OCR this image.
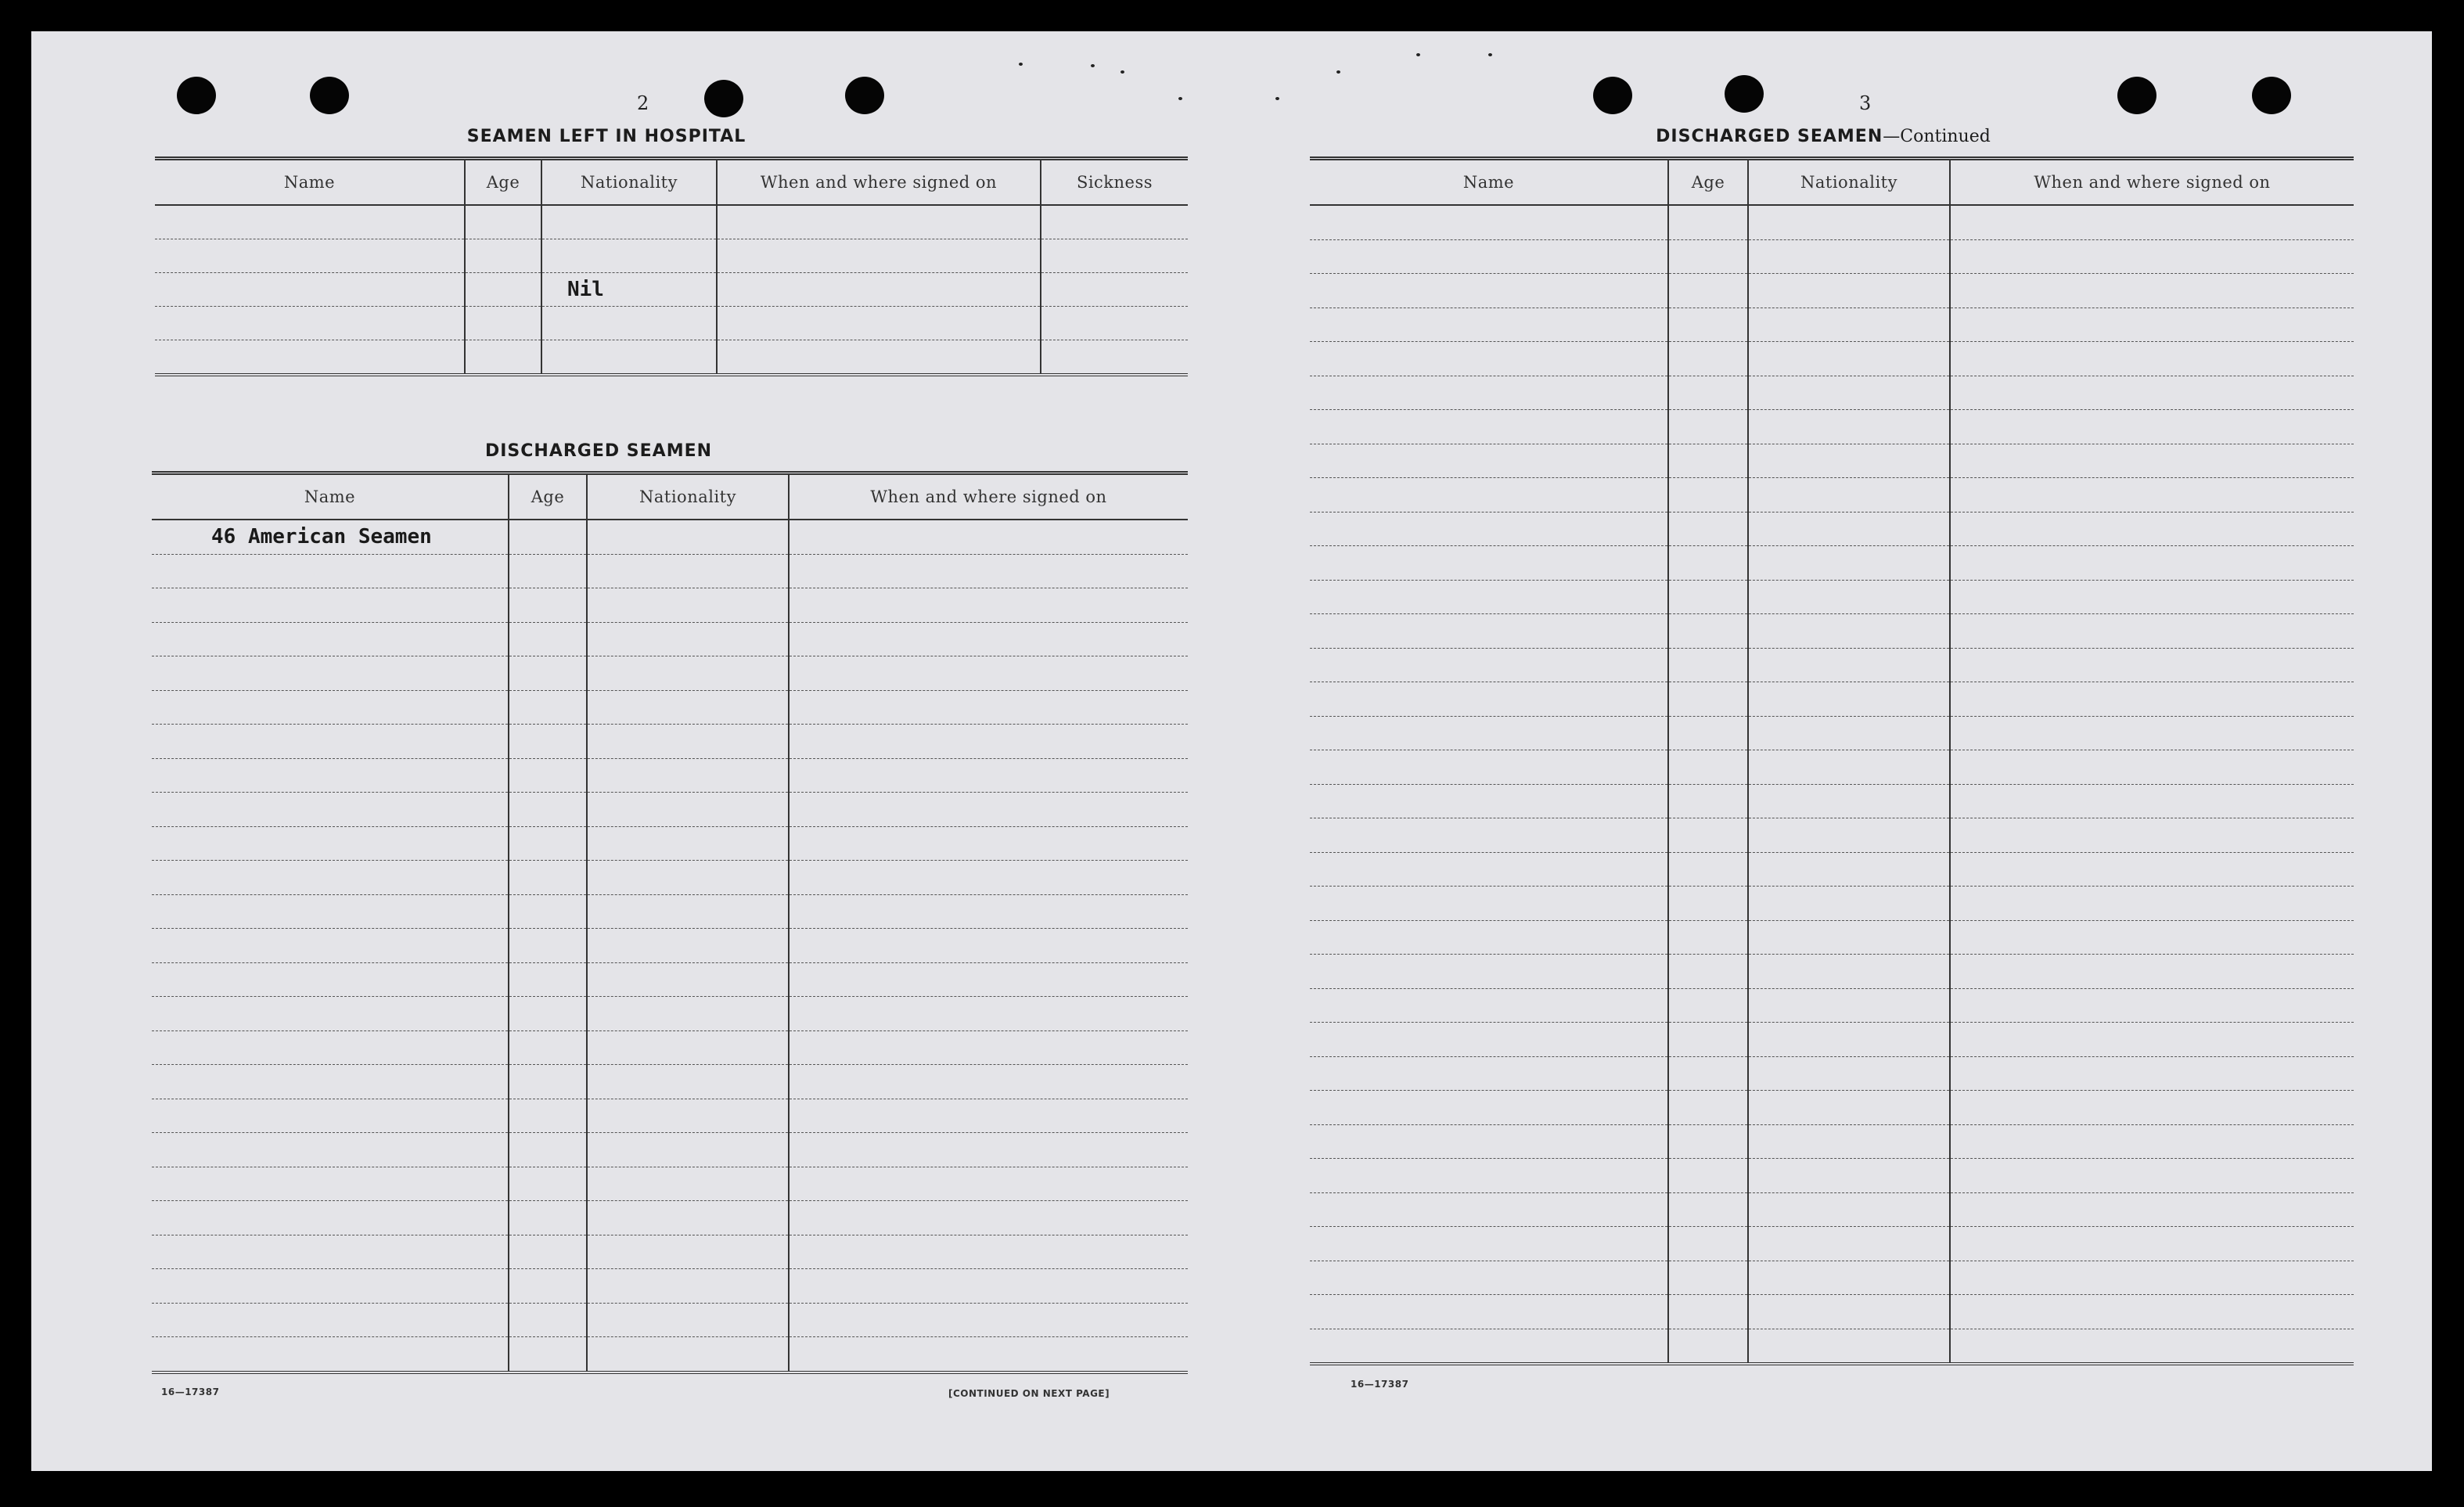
2
SEAMEN LEFT IN HOSPITAL
Name	Age	Nationality	When and where signed on	Sickness

		Nil		

DISCHARGED SEAMEN
Name	Age	Nationality	When and where signed on
46 American Seamen			

16—17387	[CONTINUED ON NEXT PAGE]
3
DISCHARGED SEAMEN—Continued
Name	Age	Nationality	When and where signed on

16—17387
